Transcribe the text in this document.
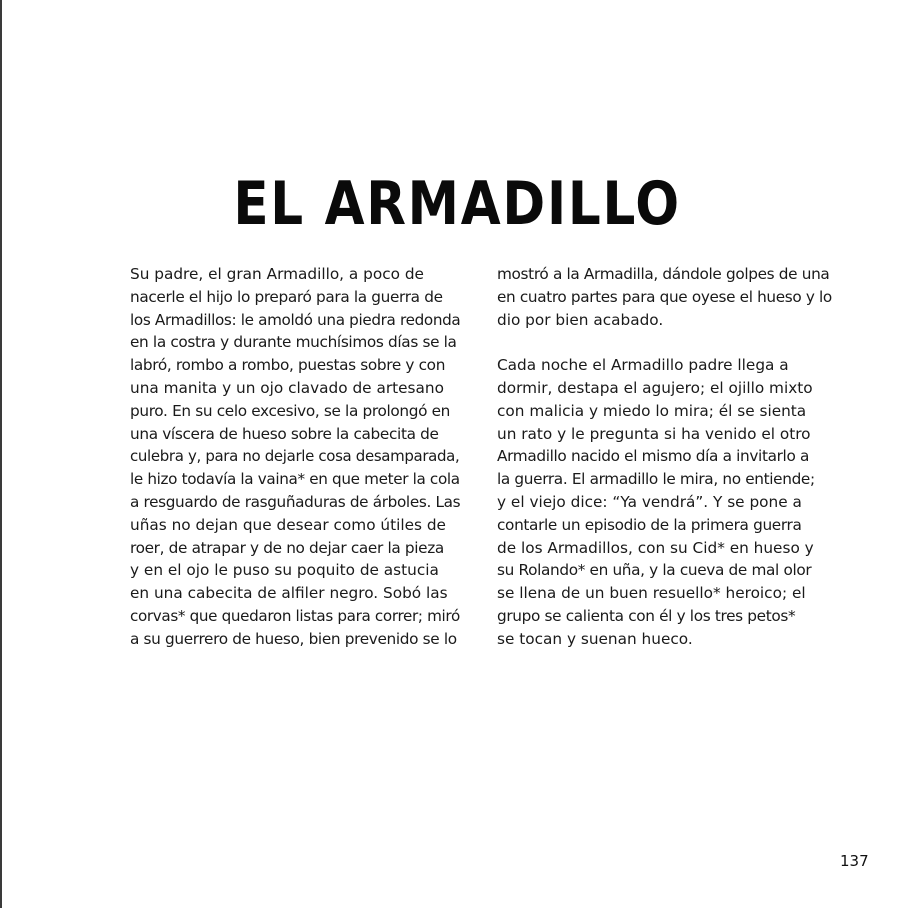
EL ARMADILLO
Su padre, el gran Armadillo, a poco de
nacerle el hijo lo preparó para la guerra de
los Armadillos: le amoldó una piedra redonda
en la costra y durante muchísimos días se la
labró, rombo a rombo, puestas sobre y con
una manita y un ojo clavado de artesano
puro. En su celo excesivo, se la prolongó en
una víscera de hueso sobre la cabecita de
culebra y, para no dejarle cosa desamparada,
le hizo todavía la vaina* en que meter la cola
a resguardo de rasguñaduras de árboles. Las
uñas no dejan que desear como útiles de
roer, de atrapar y de no dejar caer la pieza
y en el ojo le puso su poquito de astucia
en una cabecita de alfiler negro. Sobó las
corvas* que quedaron listas para correr; miró
a su guerrero de hueso, bien prevenido se lo
mostró a la Armadilla, dándole golpes de una
en cuatro partes para que oyese el hueso y lo
dio por bien acabado.
Cada noche el Armadillo padre llega a
dormir, destapa el agujero; el ojillo mixto
con malicia y miedo lo mira; él se sienta
un rato y le pregunta si ha venido el otro
Armadillo nacido el mismo día a invitarlo a
la guerra. El armadillo le mira, no entiende;
y el viejo dice: “Ya vendrá”. Y se pone a
contarle un episodio de la primera guerra
de los Armadillos, con su Cid* en hueso y
su Rolando* en uña, y la cueva de mal olor
se llena de un buen resuello* heroico; el
grupo se calienta con él y los tres petos*
se tocan y suenan hueco.
137
